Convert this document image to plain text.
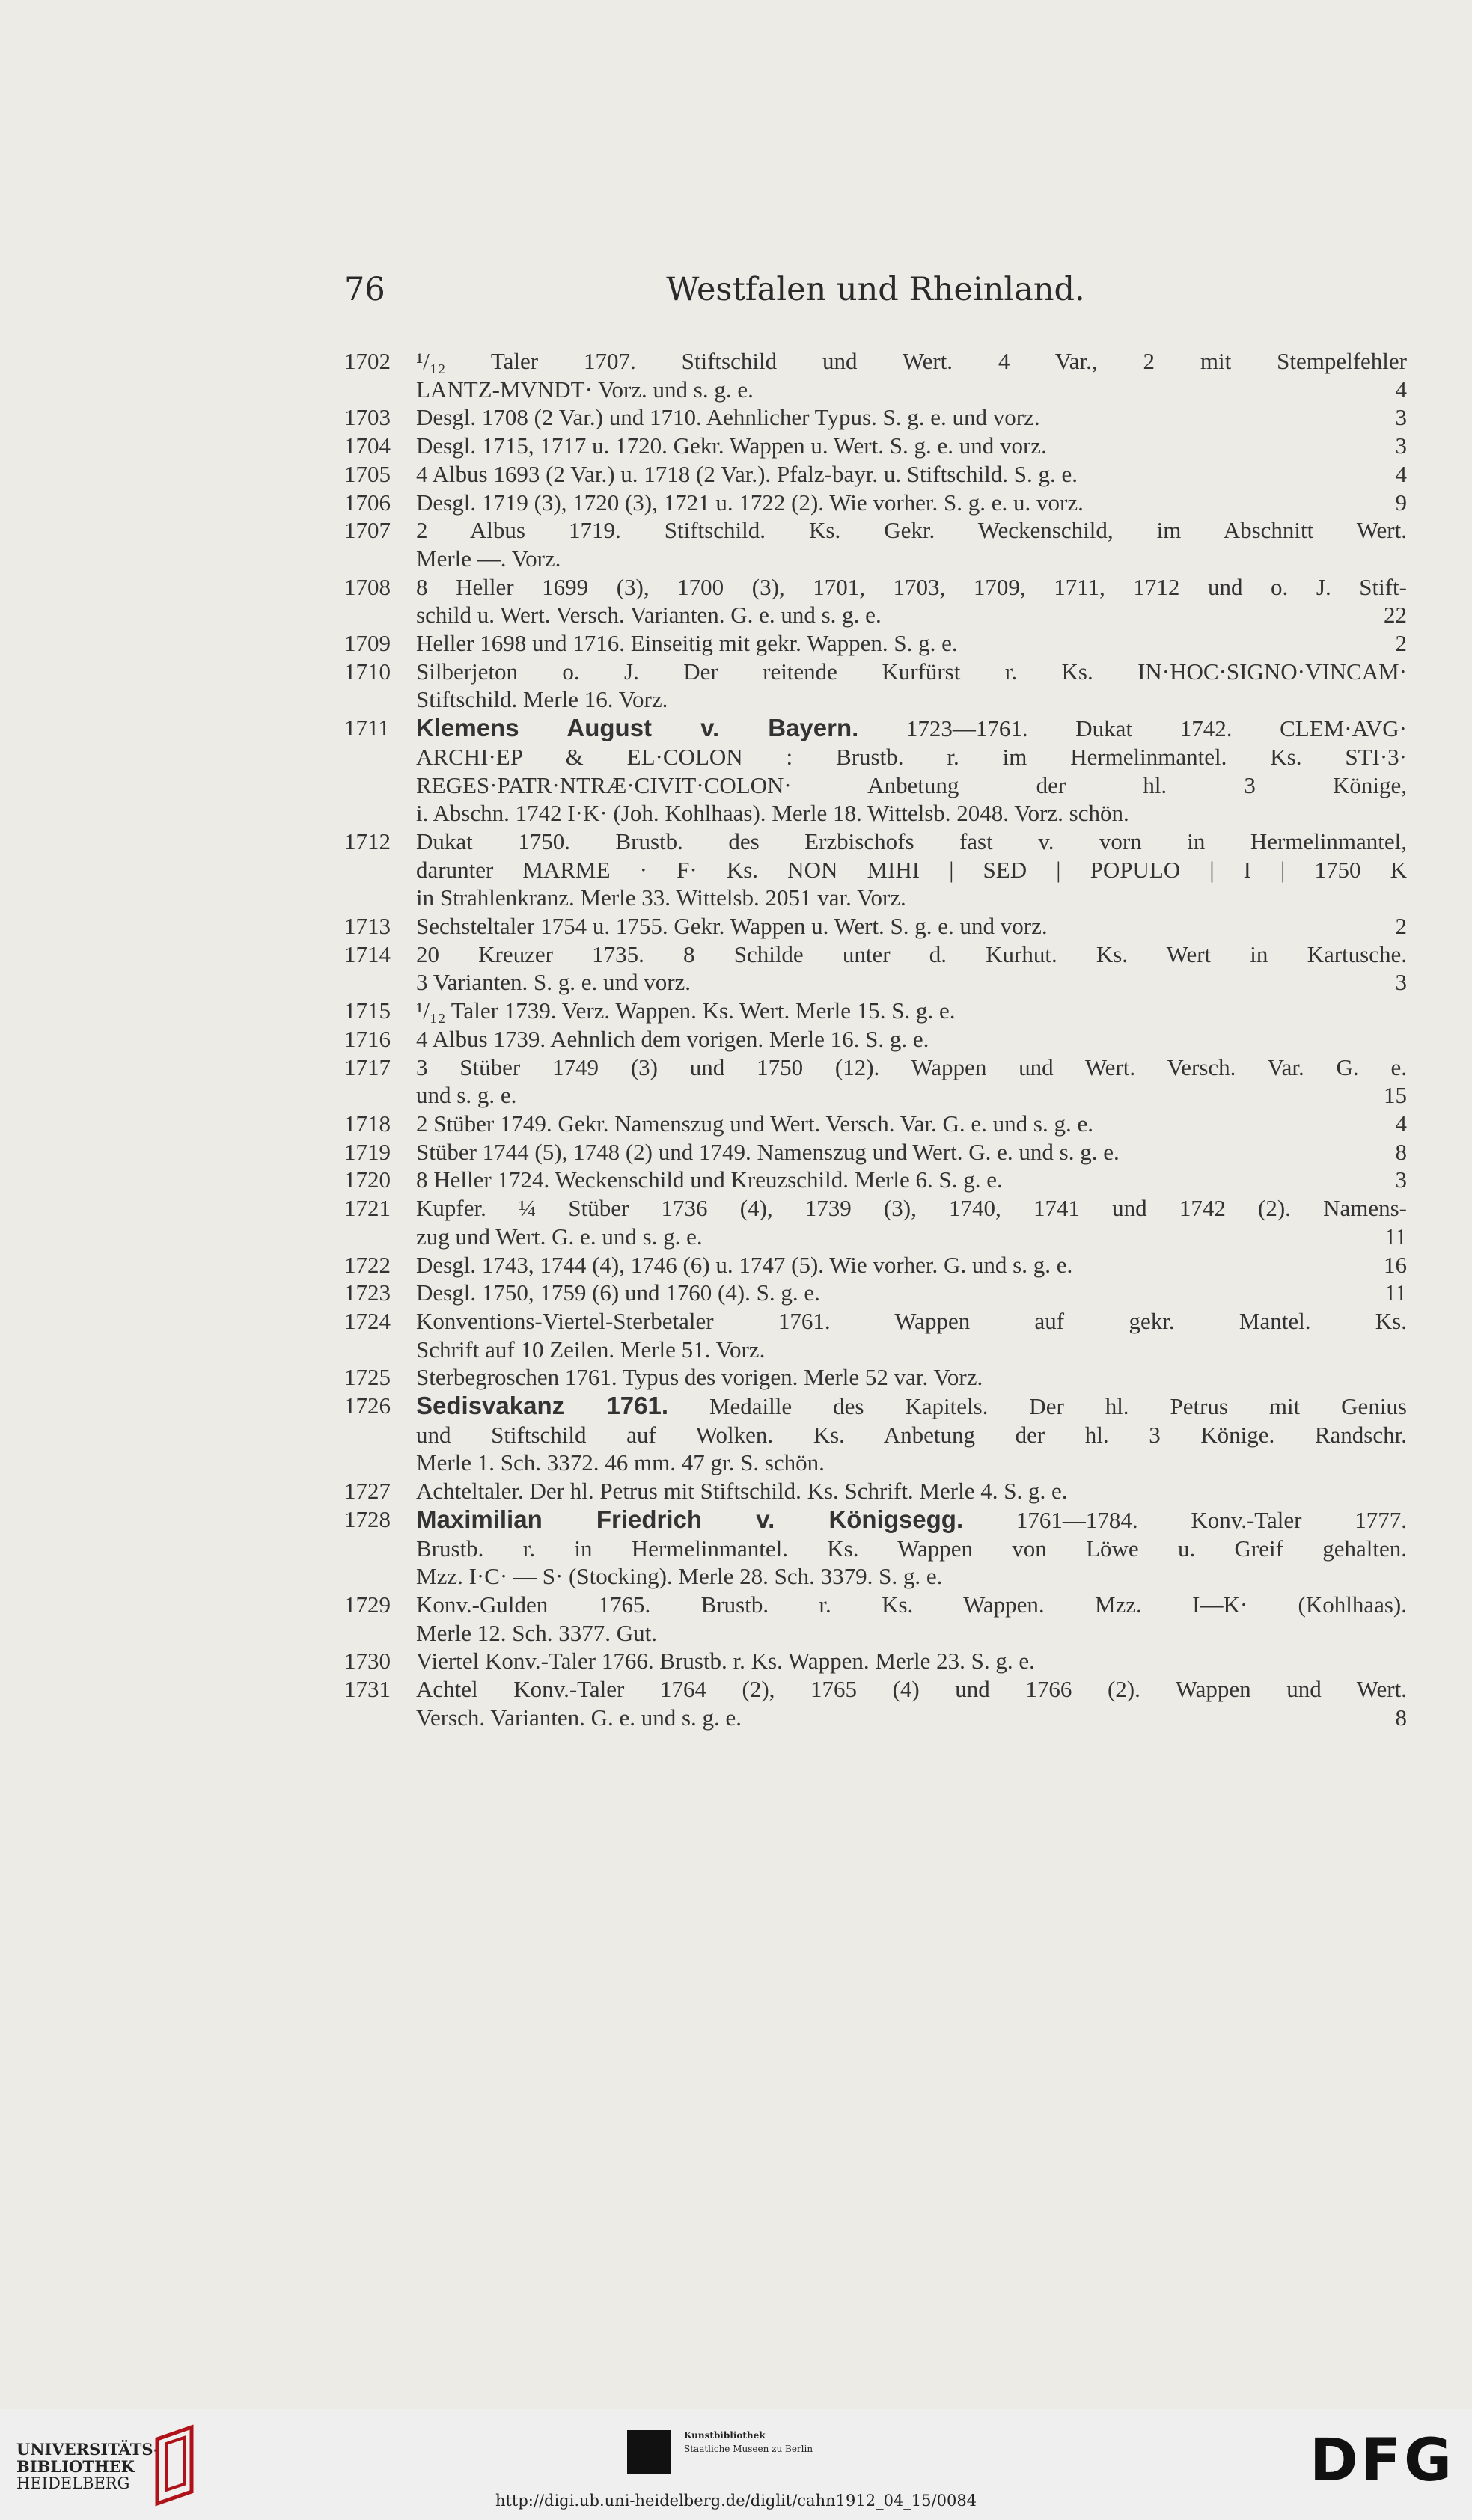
76	Westfalen und Rheinland.
1702	¹/₁₂ Taler 1707. Stiftschild und Wert. 4 Var., 2 mit Stempelfehler
LANTZ-MVNDT· Vorz. und s. g. e.	4
1703	Desgl. 1708 (2 Var.) und 1710. Aehnlicher Typus. S. g. e. und vorz.	3
1704	Desgl. 1715, 1717 u. 1720. Gekr. Wappen u. Wert. S. g. e. und vorz.	3
1705	4 Albus 1693 (2 Var.) u. 1718 (2 Var.). Pfalz-bayr. u. Stiftschild. S. g. e.	4
1706	Desgl. 1719 (3), 1720 (3), 1721 u. 1722 (2). Wie vorher. S. g. e. u. vorz.	9
1707	2 Albus 1719. Stiftschild. Ks. Gekr. Weckenschild, im Abschnitt Wert.
Merle —. Vorz.
1708	8 Heller 1699 (3), 1700 (3), 1701, 1703, 1709, 1711, 1712 und o. J. Stift-
schild u. Wert. Versch. Varianten. G. e. und s. g. e.	22
1709	Heller 1698 und 1716. Einseitig mit gekr. Wappen. S. g. e.	2
1710	Silberjeton o. J. Der reitende Kurfürst r. Ks. IN·HOC·SIGNO·VINCAM·
Stiftschild. Merle 16. Vorz.
1711	Klemens August v. Bayern. 1723—1761. Dukat 1742. CLEM·AVG·
ARCHI·EP & EL·COLON : Brustb. r. im Hermelinmantel. Ks. STI·3·
REGES·PATR·NTRÆ·CIVIT·COLON· Anbetung der hl. 3 Könige,
i. Abschn. 1742 I·K· (Joh. Kohlhaas). Merle 18. Wittelsb. 2048. Vorz. schön.
1712	Dukat 1750. Brustb. des Erzbischofs fast v. vorn in Hermelinmantel,
darunter MARME · F· Ks. NON MIHI | SED | POPULO | I | 1750 K
in Strahlenkranz. Merle 33. Wittelsb. 2051 var. Vorz.
1713	Sechsteltaler 1754 u. 1755. Gekr. Wappen u. Wert. S. g. e. und vorz.	2
1714	20 Kreuzer 1735. 8 Schilde unter d. Kurhut. Ks. Wert in Kartusche.
3 Varianten. S. g. e. und vorz.	3
1715	¹/₁₂ Taler 1739. Verz. Wappen. Ks. Wert. Merle 15. S. g. e.
1716	4 Albus 1739. Aehnlich dem vorigen. Merle 16. S. g. e.
1717	3 Stüber 1749 (3) und 1750 (12). Wappen und Wert. Versch. Var. G. e.
und s. g. e.	15
1718	2 Stüber 1749. Gekr. Namenszug und Wert. Versch. Var. G. e. und s. g. e.	4
1719	Stüber 1744 (5), 1748 (2) und 1749. Namenszug und Wert. G. e. und s. g. e.	8
1720	8 Heller 1724. Weckenschild und Kreuzschild. Merle 6. S. g. e.	3
1721	Kupfer. ¼ Stüber 1736 (4), 1739 (3), 1740, 1741 und 1742 (2). Namens-
zug und Wert. G. e. und s. g. e.	11
1722	Desgl. 1743, 1744 (4), 1746 (6) u. 1747 (5). Wie vorher. G. und s. g. e.	16
1723	Desgl. 1750, 1759 (6) und 1760 (4). S. g. e.	11
1724	Konventions-Viertel-Sterbetaler 1761. Wappen auf gekr. Mantel. Ks.
Schrift auf 10 Zeilen. Merle 51. Vorz.
1725	Sterbegroschen 1761. Typus des vorigen. Merle 52 var. Vorz.
1726	Sedisvakanz 1761. Medaille des Kapitels. Der hl. Petrus mit Genius
und Stiftschild auf Wolken. Ks. Anbetung der hl. 3 Könige. Randschr.
Merle 1. Sch. 3372. 46 mm. 47 gr. S. schön.
1727	Achteltaler. Der hl. Petrus mit Stiftschild. Ks. Schrift. Merle 4. S. g. e.
1728	Maximilian Friedrich v. Königsegg. 1761—1784. Konv.-Taler 1777.
Brustb. r. in Hermelinmantel. Ks. Wappen von Löwe u. Greif gehalten.
Mzz. I·C· — S· (Stocking). Merle 28. Sch. 3379. S. g. e.
1729	Konv.-Gulden 1765. Brustb. r. Ks. Wappen. Mzz. I—K· (Kohlhaas).
Merle 12. Sch. 3377. Gut.
1730	Viertel Konv.-Taler 1766. Brustb. r. Ks. Wappen. Merle 23. S. g. e.
1731	Achtel Konv.-Taler 1764 (2), 1765 (4) und 1766 (2). Wappen und Wert.
Versch. Varianten. G. e. und s. g. e.	8
UNIVERSITÄTS-
BIBLIOTHEK
HEIDELBERG
Kunstbibliothek
Staatliche Museen zu Berlin	DFG
http://digi.ub.uni-heidelberg.de/diglit/cahn1912_04_15/0084
